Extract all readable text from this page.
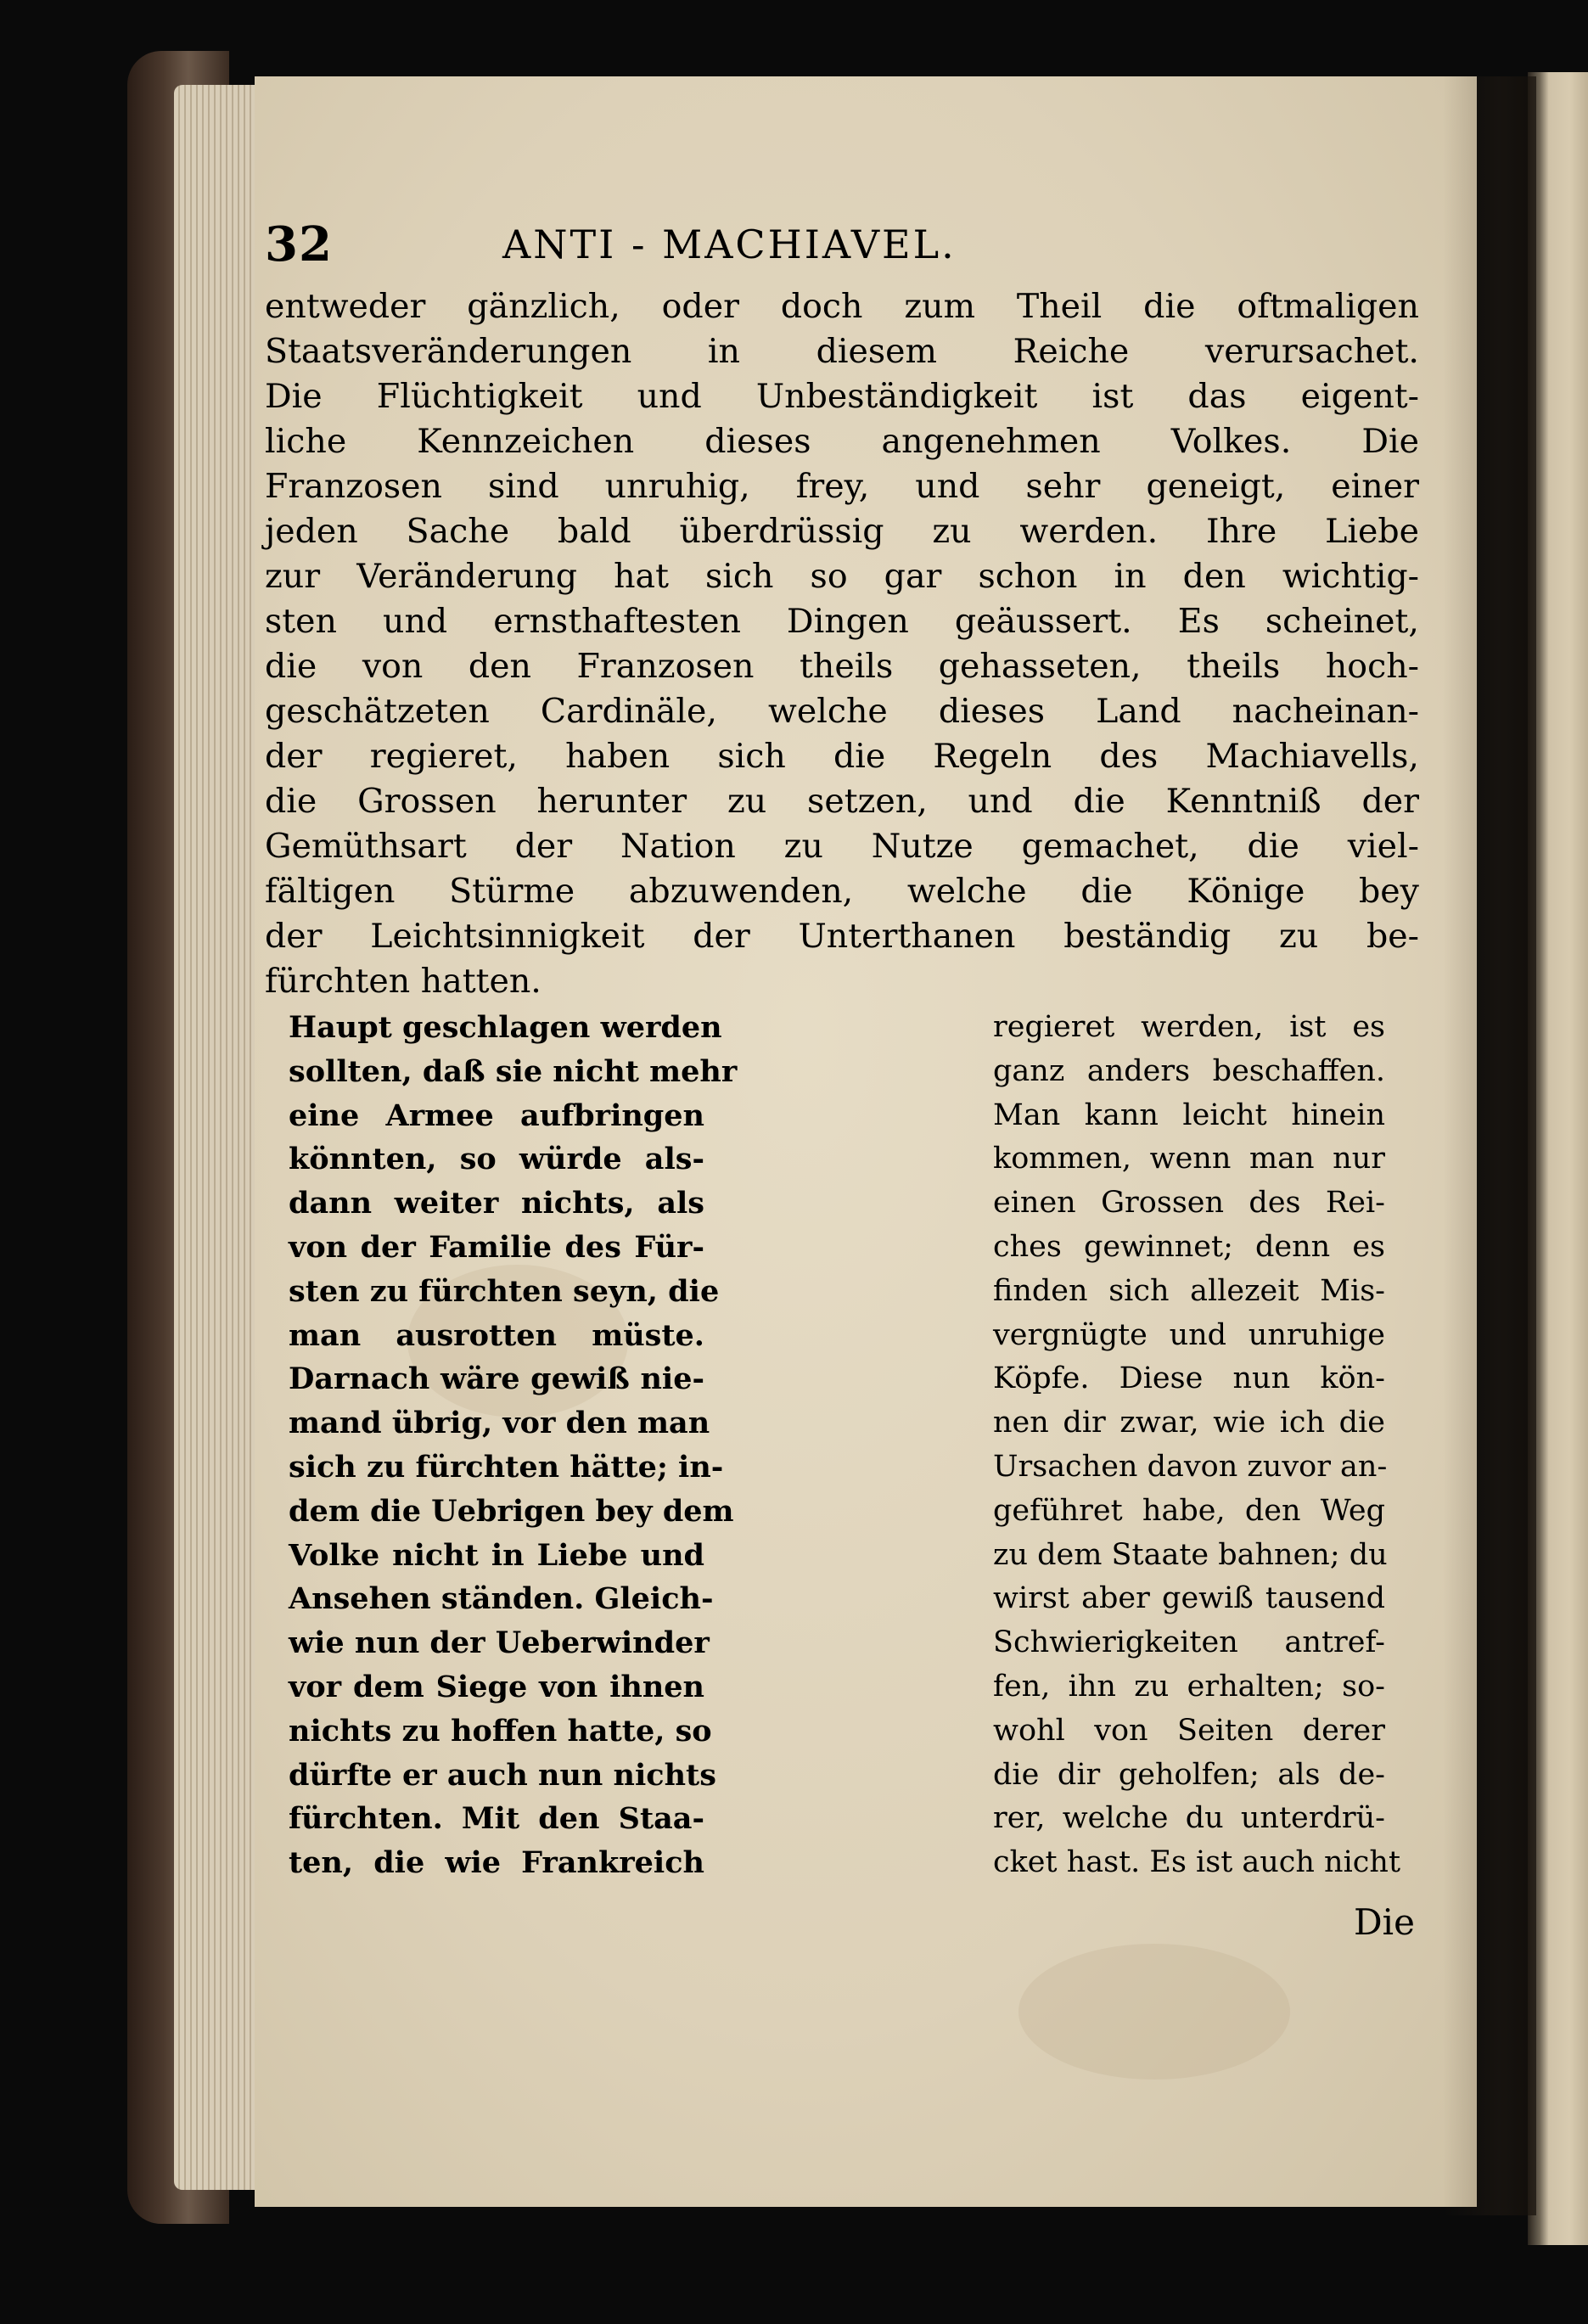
32	ANTI - MACHIAVEL.
entweder gänzlich, oder doch zum Theil die oftmaligen
Staatsveränderungen in diesem Reiche verursachet.
Die Flüchtigkeit und Unbeständigkeit ist das eigent-
liche Kennzeichen dieses angenehmen Volkes. Die
Franzosen sind unruhig, frey, und sehr geneigt, einer
jeden Sache bald überdrüssig zu werden. Ihre Liebe
zur Veränderung hat sich so gar schon in den wichtig-
sten und ernsthaftesten Dingen geäussert. Es scheinet,
die von den Franzosen theils gehasseten, theils hoch-
geschätzeten Cardinäle, welche dieses Land nacheinan-
der regieret, haben sich die Regeln des Machiavells,
die Grossen herunter zu setzen, und die Kenntniß der
Gemüthsart der Nation zu Nutze gemachet, die viel-
fältigen Stürme abzuwenden, welche die Könige bey
der Leichtsinnigkeit der Unterthanen beständig zu be-
fürchten hatten.
Haupt geschlagen werden
sollten, daß sie nicht mehr
eine Armee aufbringen
könnten, so würde als-
dann weiter nichts, als
von der Familie des Für-
sten zu fürchten seyn, die
man ausrotten müste.
Darnach wäre gewiß nie-
mand übrig, vor den man
sich zu fürchten hätte; in-
dem die Uebrigen bey dem
Volke nicht in Liebe und
Ansehen ständen. Gleich-
wie nun der Ueberwinder
vor dem Siege von ihnen
nichts zu hoffen hatte, so
dürfte er auch nun nichts
fürchten. Mit den Staa-
ten, die wie Frankreich
regieret werden, ist es
ganz anders beschaffen.
Man kann leicht hinein
kommen, wenn man nur
einen Grossen des Rei-
ches gewinnet; denn es
finden sich allezeit Mis-
vergnügte und unruhige
Köpfe. Diese nun kön-
nen dir zwar, wie ich die
Ursachen davon zuvor an-
geführet habe, den Weg
zu dem Staate bahnen; du
wirst aber gewiß tausend
Schwierigkeiten antref-
fen, ihn zu erhalten; so-
wohl von Seiten derer
die dir geholfen; als de-
rer, welche du unterdrü-
cket hast. Es ist auch nicht
Die
